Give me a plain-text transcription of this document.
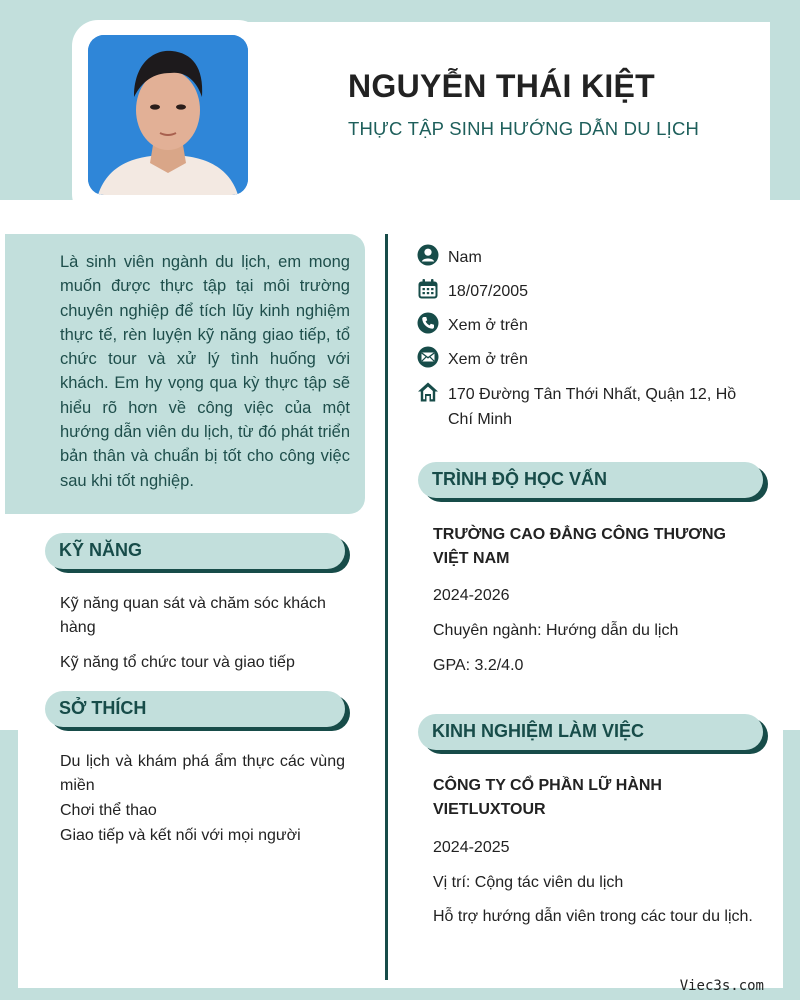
NGUYỄN THÁI KIỆT
THỰC TẬP SINH HƯỚNG DẪN DU LỊCH

Là sinh viên ngành du lịch, em mong muốn được thực tập tại môi trường chuyên nghiệp để tích lũy kinh nghiệm thực tế, rèn luyện kỹ năng giao tiếp, tổ chức tour và xử lý tình huống với khách. Em hy vọng qua kỳ thực tập sẽ hiểu rõ hơn về công việc của một hướng dẫn viên du lịch, từ đó phát triển bản thân và chuẩn bị tốt cho công việc sau khi tốt nghiệp.

Nam
18/07/2005
Xem ở trên
Xem ở trên
170 Đường Tân Thới Nhất, Quận 12, Hồ Chí Minh
KỸ NĂNG
Kỹ năng quan sát và chăm sóc khách hàng
Kỹ năng tổ chức tour và giao tiếp
SỞ THÍCH
Du lịch và khám phá ẩm thực các vùng miền
Chơi thể thao
Giao tiếp và kết nối với mọi người
TRÌNH ĐỘ HỌC VẤN
TRƯỜNG CAO ĐẲNG CÔNG THƯƠNG VIỆT NAM
2024-2026
Chuyên ngành: Hướng dẫn du lịch
GPA: 3.2/4.0
KINH NGHIỆM LÀM VIỆC
CÔNG TY CỔ PHẦN LỮ HÀNH VIETLUXTOUR
2024-2025
Vị trí: Cộng tác viên du lịch
Hỗ trợ hướng dẫn viên trong các tour du lịch.
Viec3s.com
